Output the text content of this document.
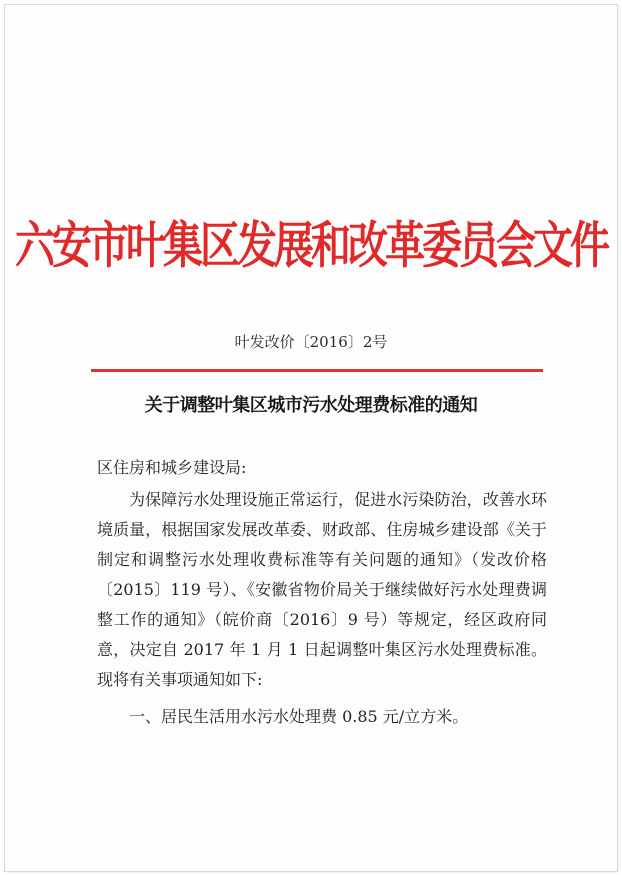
六安市叶集区发展和改革委员会文件
叶发改价〔2016〕2号
关于调整叶集区城市污水处理费标准的通知
区住房和城乡建设局:
为保障污水处理设施正常运行，促进水污染防治，改善水环境质量，根据国家发展改革委、财政部、住房城乡建设部《关于制定和调整污水处理收费标准等有关问题的通知》（发改价格〔2015〕119 号）、《安徽省物价局关于继续做好污水处理费调整工作的通知》（皖价商〔2016〕9 号）等规定，经区政府同意，决定自 2017 年 1 月 1 日起调整叶集区污水处理费标准。现将有关事项通知如下:
一、居民生活用水污水处理费 0.85 元/立方米。
